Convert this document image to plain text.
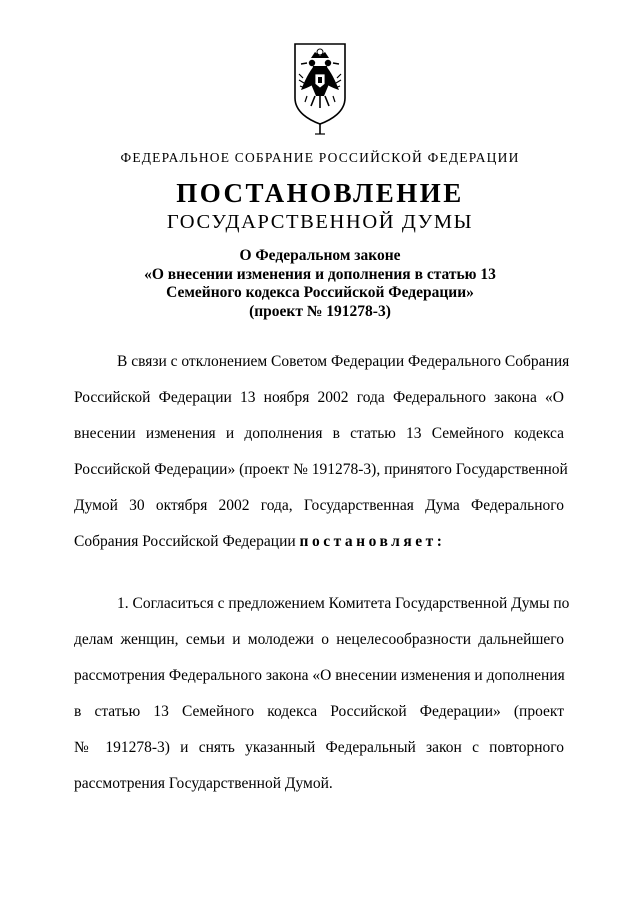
ФЕДЕРАЛЬНОЕ СОБРАНИЕ РОССИЙСКОЙ ФЕДЕРАЦИИ
ПОСТАНОВЛЕНИЕ
ГОСУДАРСТВЕННОЙ ДУМЫ
О Федеральном законе
«О внесении изменения и дополнения в статью 13
Семейного кодекса Российской Федерации»
(проект № 191278-3)
В связи с отклонением Советом Федерации Федерального Собрания
Российской Федерации 13 ноября 2002 года Федерального закона «О
внесении изменения и дополнения в статью 13 Семейного кодекса
Российской Федерации» (проект № 191278-3), принятого Государственной
Думой 30 октября 2002 года, Государственная Дума Федерального
Собрания Российской Федерации постановляет:
1. Согласиться с предложением Комитета Государственной Думы по
делам женщин, семьи и молодежи о нецелесообразности дальнейшего
рассмотрения Федерального закона «О внесении изменения и дополнения
в статью 13 Семейного кодекса Российской Федерации» (проект
№ 191278-3) и снять указанный Федеральный закон с повторного
рассмотрения Государственной Думой.
